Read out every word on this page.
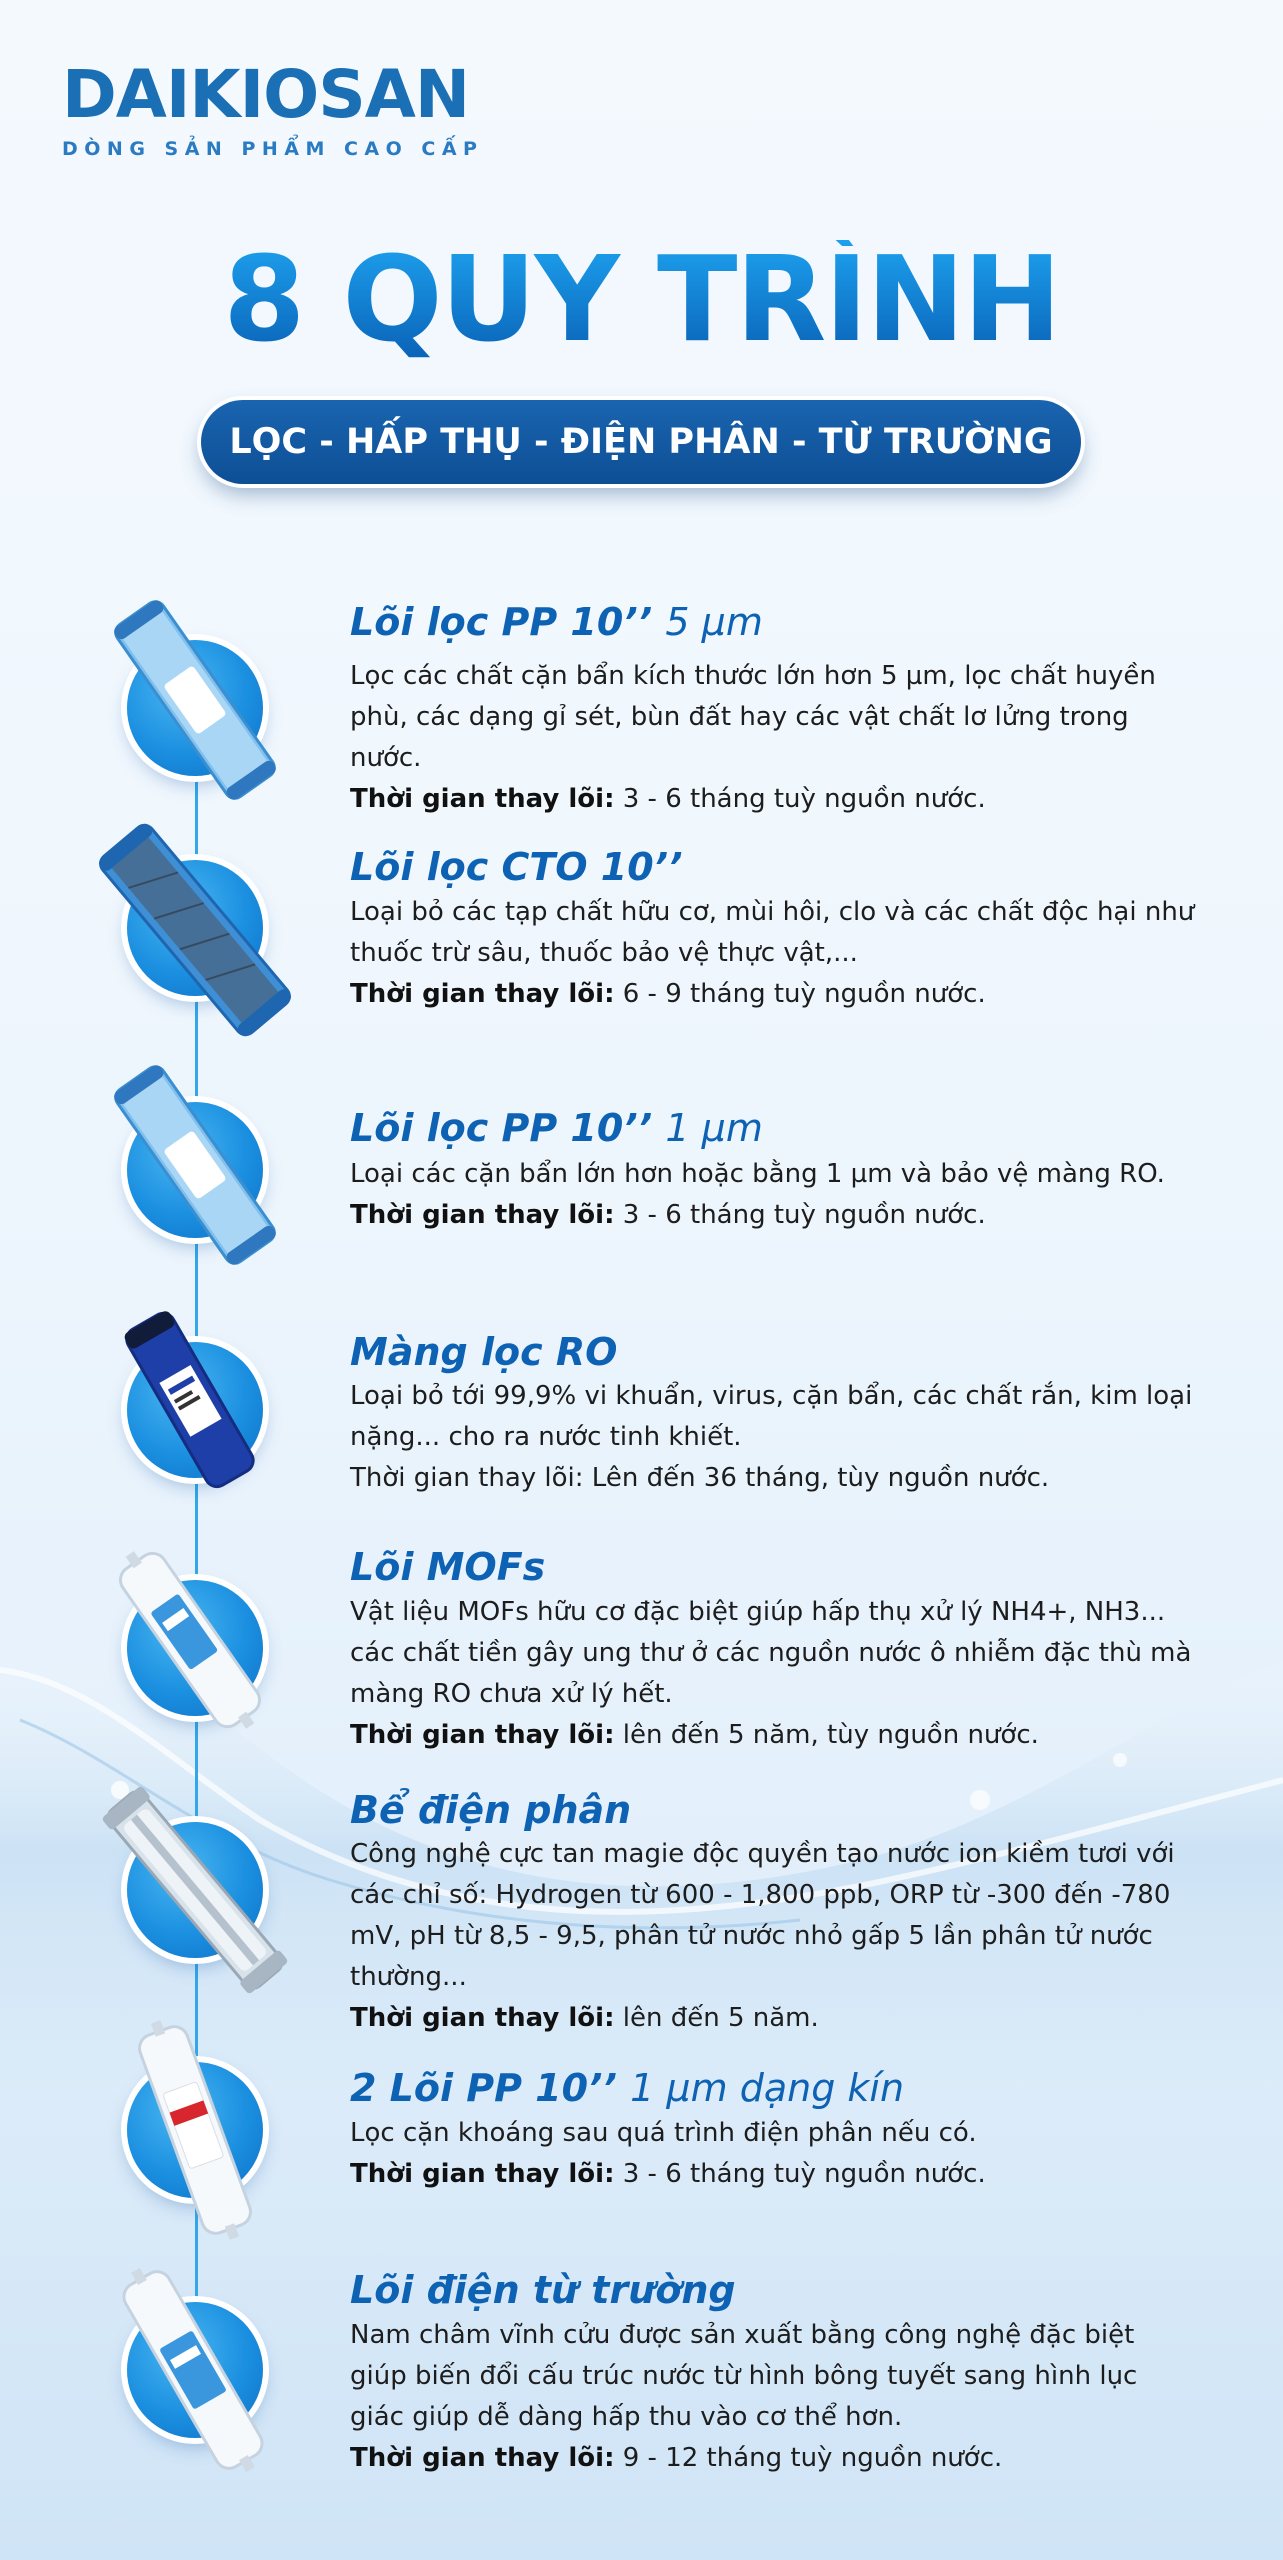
DAIKIOSAN
DÒNG SẢN PHẨM CAO CẤP
8 QUY TRÌNH
LỌC - HẤP THỤ - ĐIỆN PHÂN - TỪ TRƯỜNG
Lõi lọc PP 10’’ 5 µm
Lọc các chất cặn bẩn kích thước lớn hơn 5 µm, lọc chất huyền phù, các dạng gỉ sét, bùn đất hay các vật chất lơ lửng trong nước.
Thời gian thay lõi: 3 - 6 tháng tuỳ nguồn nước.
Lõi lọc CTO 10’’
Loại bỏ các tạp chất hữu cơ, mùi hôi, clo và các chất độc hại như thuốc trừ sâu, thuốc bảo vệ thực vật,...
Thời gian thay lõi: 6 - 9 tháng tuỳ nguồn nước.
Lõi lọc PP 10’’ 1 µm
Loại các cặn bẩn lớn hơn hoặc bằng 1 µm và bảo vệ màng RO.
Thời gian thay lõi: 3 - 6 tháng tuỳ nguồn nước.
Màng lọc RO
Loại bỏ tới 99,9% vi khuẩn, virus, cặn bẩn, các chất rắn, kim loại nặng... cho ra nước tinh khiết.
Thời gian thay lõi: Lên đến 36 tháng, tùy nguồn nước.
Lõi MOFs
Vật liệu MOFs hữu cơ đặc biệt giúp hấp thụ xử lý NH4+, NH3... các chất tiền gây ung thư ở các nguồn nước ô nhiễm đặc thù mà màng RO chưa xử lý hết.
Thời gian thay lõi: lên đến 5 năm, tùy nguồn nước.
Bể điện phân
Công nghệ cực tan magie độc quyền tạo nước ion kiềm tươi với các chỉ số: Hydrogen từ 600 - 1,800 ppb, ORP từ -300 đến -780 mV, pH từ 8,5 - 9,5, phân tử nước nhỏ gấp 5 lần phân tử nước thường...
Thời gian thay lõi: lên đến 5 năm.
2 Lõi PP 10’’ 1 µm dạng kín
Lọc cặn khoáng sau quá trình điện phân nếu có.
Thời gian thay lõi: 3 - 6 tháng tuỳ nguồn nước.
Lõi điện từ trường
Nam châm vĩnh cửu được sản xuất bằng công nghệ đặc biệt giúp biến đổi cấu trúc nước từ hình bông tuyết sang hình lục giác giúp dễ dàng hấp thu vào cơ thể hơn.
Thời gian thay lõi: 9 - 12 tháng tuỳ nguồn nước.
